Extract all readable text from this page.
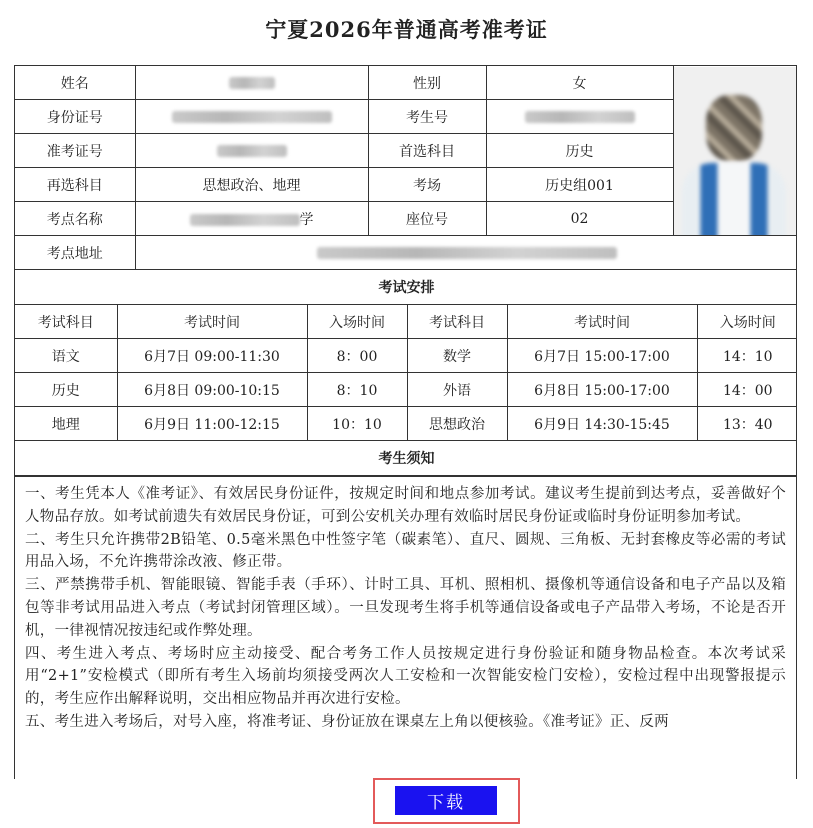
宁夏2026年普通高考准考证
姓名		性别	女	

身份证号		考生号		
准考证号		首选科目	历史	
再选科目	思想政治、地理	考场	历史组001	
考点名称	学	座位号	02	
考点地址				
考试安排					
考试科目	考试时间	入场时间	考试科目	考试时间	入场时间
语文	6月7日 09:00-11:30	8：00	数学	6月7日 15:00-17:00	14：10
历史	6月8日 09:00-10:15	8：10	外语	6月8日 15:00-17:00	14：00
地理	6月9日 11:00-12:15	10：10	思想政治	6月9日 14:30-15:45	13：40
考生须知					

一、考生凭本人《准考证》、有效居民身份证件，按规定时间和地点参加考试。建议考生提前到达考点，妥善做好个人物品存放。如考试前遗失有效居民身份证，可到公安机关办理有效临时居民身份证或临时身份证明参加考试。

二、考生只允许携带2B铅笔、0.5毫米黑色中性签字笔（碳素笔）、直尺、圆规、三角板、无封套橡皮等必需的考试用品入场，不允许携带涂改液、修正带。

三、严禁携带手机、智能眼镜、智能手表（手环）、计时工具、耳机、照相机、摄像机等通信设备和电子产品以及箱包等非考试用品进入考点（考试封闭管理区域）。一旦发现考生将手机等通信设备或电子产品带入考场，不论是否开机，一律视情况按违纪或作弊处理。

四、考生进入考点、考场时应主动接受、配合考务工作人员按规定进行身份验证和随身物品检查。本次考试采用“2+1”安检模式（即所有考生入场前均须接受两次人工安检和一次智能安检门安检），安检过程中出现警报提示的，考生应作出解释说明，交出相应物品并再次进行安检。

五、考生进入考场后，对号入座，将准考证、身份证放在课桌左上角以便核验。《准考证》正、反两

下载
